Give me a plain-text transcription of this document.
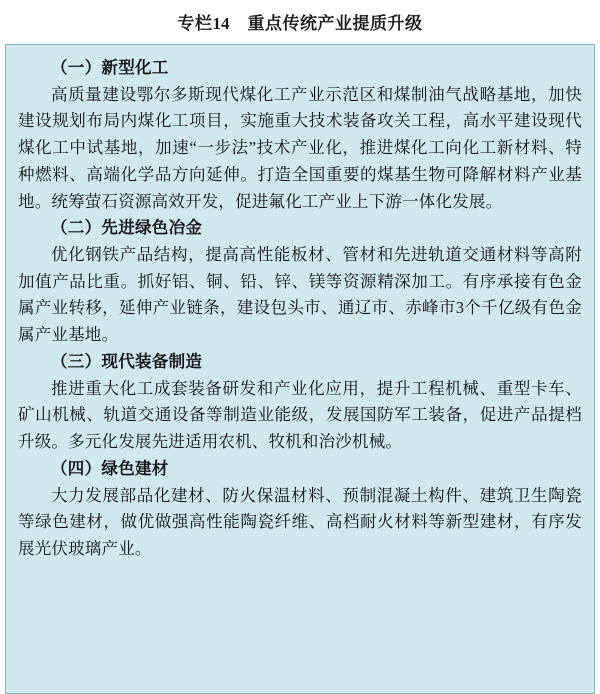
专栏14 重点传统产业提质升级
（一）新型化工
高质量建设鄂尔多斯现代煤化工产业示范区和煤制油气战略基地，加快建设规划布局内煤化工项目，实施重大技术装备攻关工程，高水平建设现代煤化工中试基地，加速“一步法”技术产业化，推进煤化工向化工新材料、特种燃料、高端化学品方向延伸。打造全国重要的煤基生物可降解材料产业基地。统筹萤石资源高效开发，促进氟化工产业上下游一体化发展。
（二）先进绿色冶金
优化钢铁产品结构，提高高性能板材、管材和先进轨道交通材料等高附加值产品比重。抓好铝、铜、铅、锌、镁等资源精深加工。有序承接有色金属产业转移，延伸产业链条，建设包头市、通辽市、赤峰市3个千亿级有色金属产业基地。
（三）现代装备制造
推进重大化工成套装备研发和产业化应用，提升工程机械、重型卡车、矿山机械、轨道交通设备等制造业能级，发展国防军工装备，促进产品提档升级。多元化发展先进适用农机、牧机和治沙机械。
（四）绿色建材
大力发展部品化建材、防火保温材料、预制混凝土构件、建筑卫生陶瓷等绿色建材，做优做强高性能陶瓷纤维、高档耐火材料等新型建材，有序发展光伏玻璃产业。
